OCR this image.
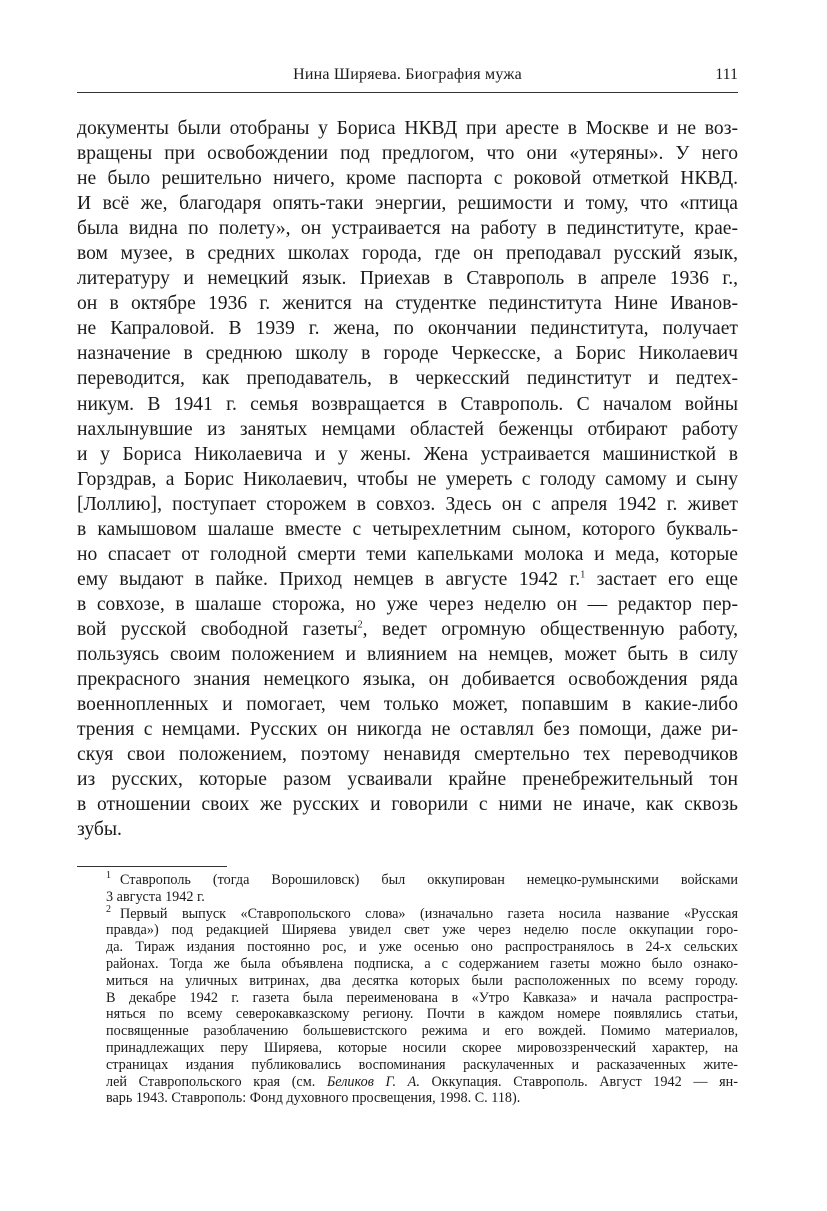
Нина Ширяева. Биография мужа	111
документы были отобраны у Бориса НКВД при аресте в Москве и не воз-
вращены при освобождении под предлогом, что они «утеряны». У него
не было решительно ничего, кроме паспорта с роковой отметкой НКВД.
И всё же, благодаря опять-таки энергии, решимости и тому, что «птица
была видна по полету», он устраивается на работу в пединституте, крае-
вом музее, в средних школах города, где он преподавал русский язык,
литературу и немецкий язык. Приехав в Ставрополь в апреле 1936 г.,
он в октябре 1936 г. женится на студентке пединститута Нине Иванов-
не Капраловой. В 1939 г. жена, по окончании пединститута, получает
назначение в среднюю школу в городе Черкесске, а Борис Николаевич
переводится, как преподаватель, в черкесский пединститут и педтех-
никум. В 1941 г. семья возвращается в Ставрополь. С началом войны
нахлынувшие из занятых немцами областей беженцы отбирают работу
и у Бориса Николаевича и у жены. Жена устраивается машинисткой в
Горздрав, а Борис Николаевич, чтобы не умереть с голоду самому и сыну
[Лоллию], поступает сторожем в совхоз. Здесь он с апреля 1942 г. живет
в камышовом шалаше вместе с четырехлетним сыном, которого букваль-
но спасает от голодной смерти теми капельками молока и меда, которые
ему выдают в пайке. Приход немцев в августе 1942 г.$^1$ застает его еще
в совхозе, в шалаше сторожа, но уже через неделю он — редактор пер-
вой русской свободной газеты$^2$, ведет огромную общественную работу,
пользуясь своим положением и влиянием на немцев, может быть в силу
прекрасного знания немецкого языка, он добивается освобождения ряда
военнопленных и помогает, чем только может, попавшим в какие-либо
трения с немцами. Русских он никогда не оставлял без помощи, даже ри-
скуя свои положением, поэтому ненавидя смертельно тех переводчиков
из русских, которые разом усваивали крайне пренебрежительный тон
в отношении своих же русских и говорили с ними не иначе, как сквозь
зубы.
1 Ставрополь (тогда Ворошиловск) был оккупирован немецко-румынскими войсками
3 августа 1942 г.
2 Первый выпуск «Ставропольского слова» (изначально газета носила название «Русская
правда») под редакцией Ширяева увидел свет уже через неделю после оккупации горо-
да. Тираж издания постоянно рос, и уже осенью оно распространялось в 24-х сельских
районах. Тогда же была объявлена подписка, а с содержанием газеты можно было ознако-
миться на уличных витринах, два десятка которых были расположенных по всему городу.
В декабре 1942 г. газета была переименована в «Утро Кавказа» и начала распростра-
няться по всему северокавказскому региону. Почти в каждом номере появлялись статьи,
посвященные разоблачению большевистского режима и его вождей. Помимо материалов,
принадлежащих перу Ширяева, которые носили скорее мировоззренческий характер, на
страницах издания публиковались воспоминания раскулаченных и расказаченных жите-
лей Ставропольского края (см. Беликов Г. А. Оккупация. Ставрополь. Август 1942 — ян-
варь 1943. Ставрополь: Фонд духовного просвещения, 1998. С. 118).
